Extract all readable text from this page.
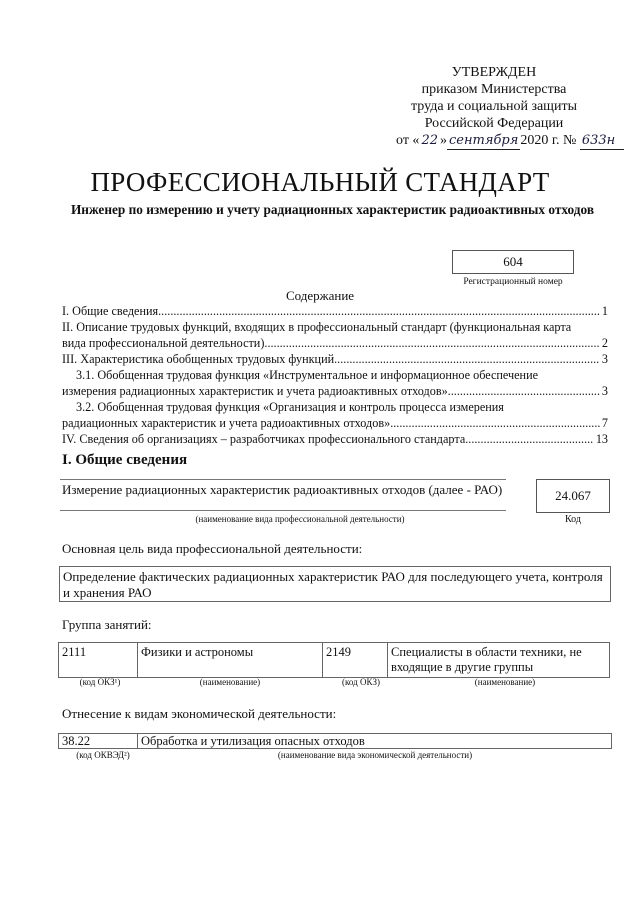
УТВЕРЖДЕН
приказом Министерства
труда и социальной защиты
Российской Федерации
от « 22 » сентября 2020 г. № 633н
ПРОФЕССИОНАЛЬНЫЙ СТАНДАРТ
Инженер по измерению и учету радиационных характеристик радиоактивных отходов
604
Регистрационный номер
Содержание
I. Общие сведения .....	1
II. Описание трудовых функций, входящих в профессиональный стандарт (функциональная карта
вида профессиональной деятельности) .....	2
III. Характеристика обобщенных трудовых функций .....	3
3.1. Обобщенная трудовая функция «Инструментальное и информационное обеспечение
измерения радиационных характеристик и учета радиоактивных отходов» .....	3
3.2. Обобщенная трудовая функция «Организация и контроль процесса измерения
радиационных характеристик и учета радиоактивных отходов» .....	7
IV. Сведения об организациях – разработчиках профессионального стандарта .....	13
I. Общие сведения
Измерение радиационных характеристик радиоактивных отходов (далее - РАО)	24.067
(наименование вида профессиональной деятельности)	Код
Основная цель вида профессиональной деятельности:
Определение фактических радиационных характеристик РАО для последующего учета, контроля и хранения РАО
Группа занятий:
2111	Физики и астрономы	2149	Специалисты в области техники, не входящие в другие группы
(код ОКЗ¹)	(наименование)	(код ОКЗ)	(наименование)
Отнесение к видам экономической деятельности:
38.22	Обработка и утилизация опасных отходов
(код ОКВЭД²)	(наименование вида экономической деятельности)
